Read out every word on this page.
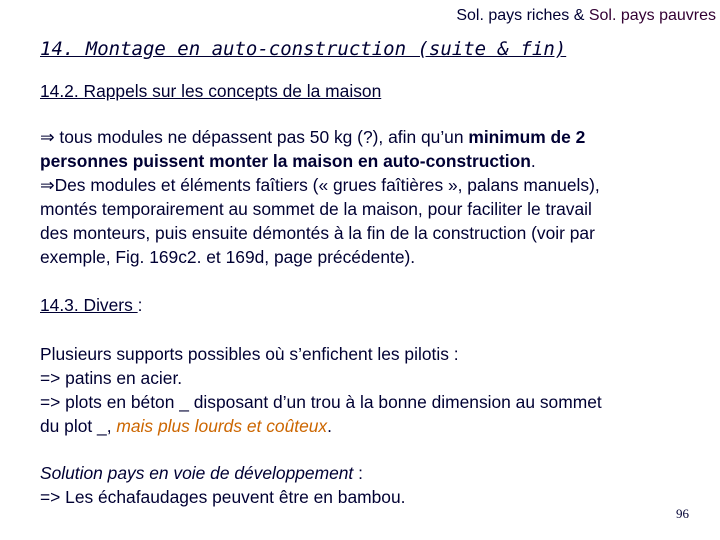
Sol. pays riches & Sol. pays pauvres
14. Montage en auto-construction (suite & fin)
14.2. Rappels sur les concepts de la maison
⇒ tous modules ne dépassent pas 50 kg (?), afin qu’un minimum de 2
personnes puissent monter la maison en auto-construction.
⇒Des modules et éléments faîtiers (« grues faîtières », palans manuels),
montés temporairement au sommet de la maison, pour faciliter le travail
des monteurs, puis ensuite démontés à la fin de la construction (voir par
exemple, Fig. 169c2. et 169d, page précédente).
14.3. Divers :
Plusieurs supports possibles où s’enfichent les pilotis :
=> patins en acier.
=> plots en béton _ disposant d’un trou à la bonne dimension au sommet
du plot _, mais plus lourds et coûteux.
Solution pays en voie de développement :
=> Les échafaudages peuvent être en bambou.
96
